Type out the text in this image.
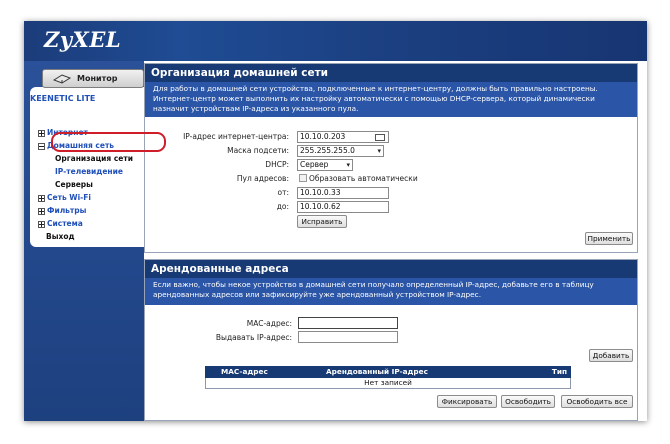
ZyXEL
Монитор
KEENETIC LITE
Интернет
Домашняя сеть
Организация сети
IP-телевидение
Серверы
Сеть Wi-Fi
Фильтры
Система
Выход
Организация домашней сети
Для работы в домашней сети устройства, подключенные к интернет-центру, должны быть правильно настроены. Интернет-центр может выполнить их настройку автоматически с помощью DHCP-сервера, который динамически назначит устройствам IP-адреса из указанного пула.
IP-адрес интернет-центра:	10.10.0.203
Маска подсети:	255.255.255.0 ▾
DHCP:	Сервер ▾
Пул адресов:	Образовать автоматически
от:	10.10.0.33
до:	10.10.0.62
Исправить
Применить
Арендованные адреса
Если важно, чтобы некое устройство в домашней сети получало определенный IP-адрес, добавьте его в таблицу арендованных адресов или зафиксируйте уже арендованный устройством IP-адрес.
MAC-адрес:
Выдавать IP-адрес:
Добавить
MAC-адрес	Арендованный IP-адрес	Тип
Нет записей
Фиксировать	Освободить	Освободить все
